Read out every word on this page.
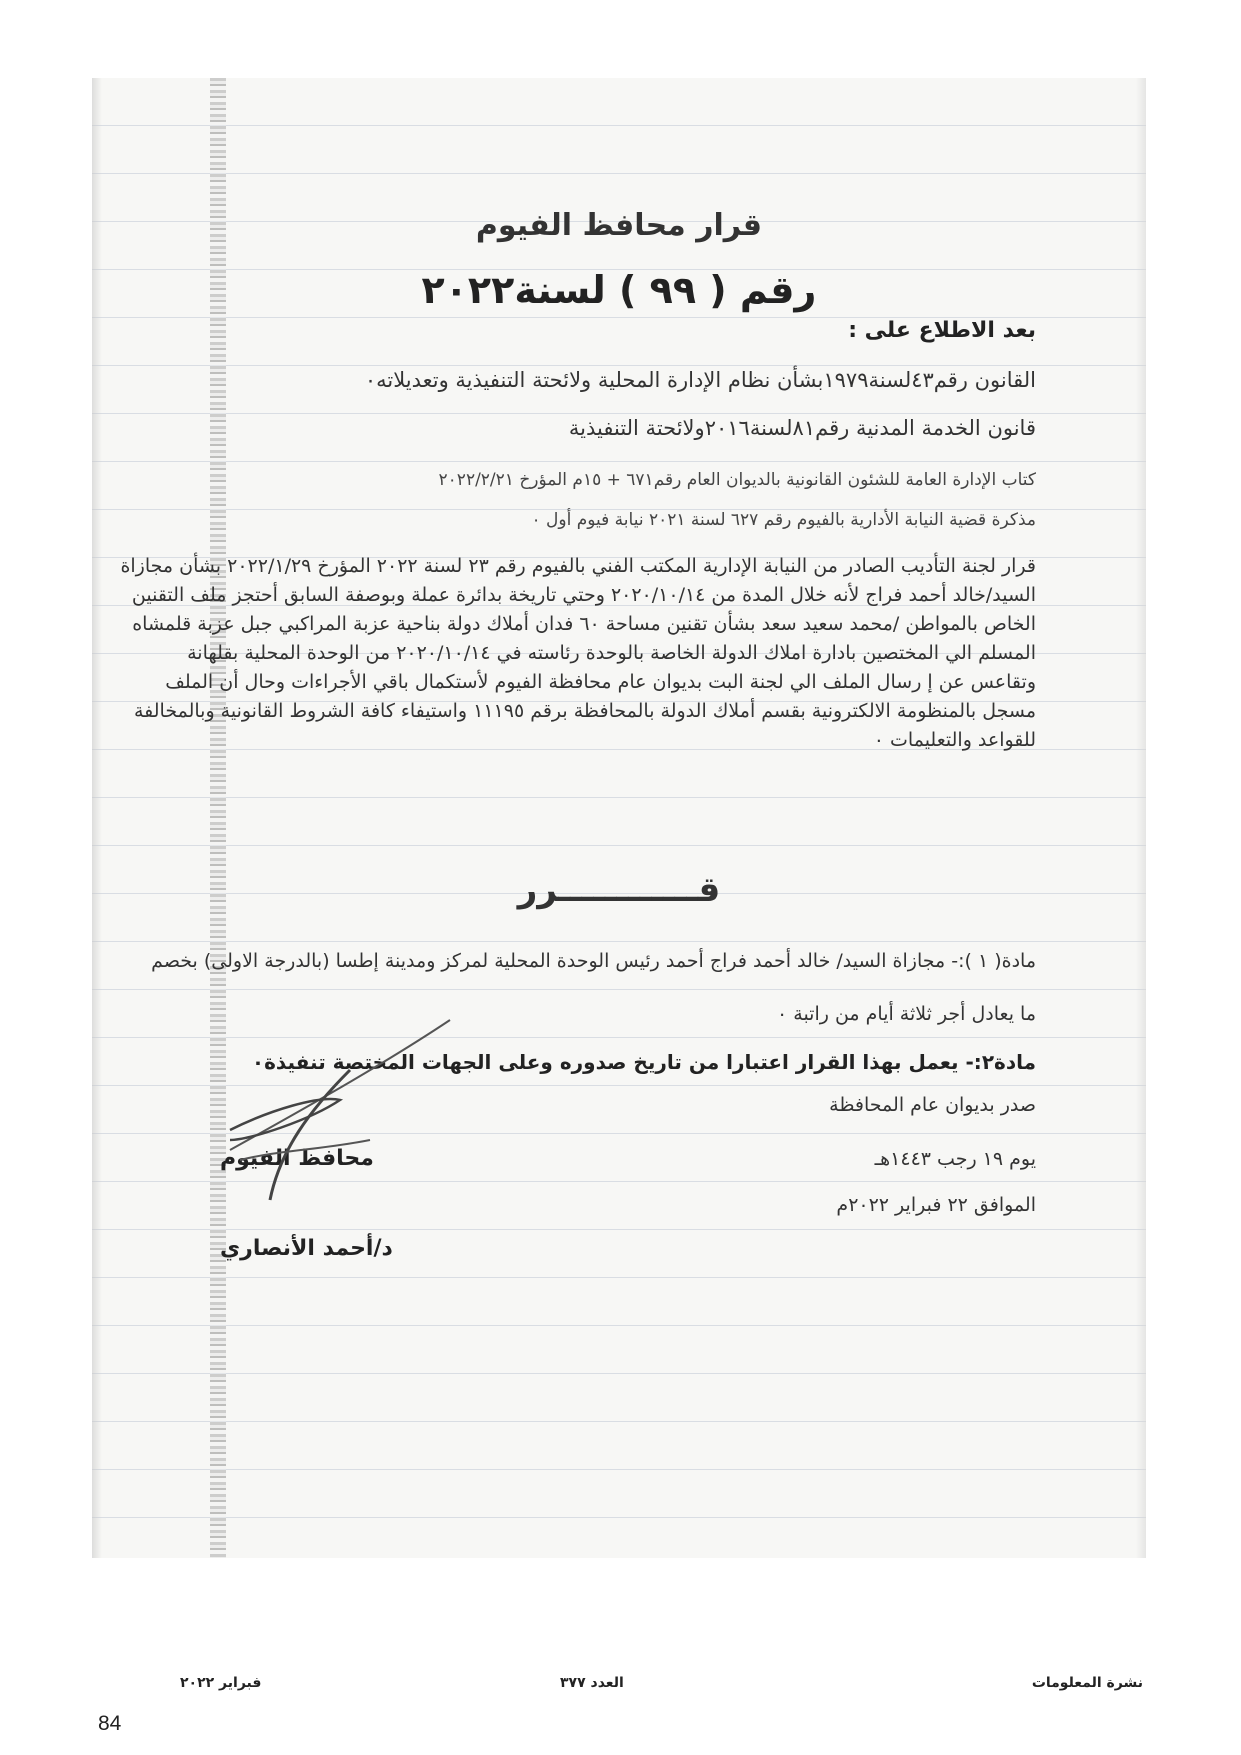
قرار محافظ الفيوم
رقم ( ٩٩ ) لسنة٢٠٢٢
بعد الاطلاع على :
القانون رقم٤٣لسنة١٩٧٩بشأن نظام الإدارة المحلية ولائحتة التنفيذية وتعديلاته٠
قانون الخدمة المدنية رقم٨١لسنة٢٠١٦ولائحتة التنفيذية
كتاب الإدارة العامة للشئون القانونية بالديوان العام رقم٦٧١ + ١٥م المؤرخ ٢٠٢٢/٢/٢١
مذكرة قضية النيابة الأدارية بالفيوم رقم ٦٢٧ لسنة ٢٠٢١ نيابة فيوم أول ٠
قرار لجنة التأديب الصادر من النيابة الإدارية المكتب الفني بالفيوم رقم ٢٣ لسنة ٢٠٢٢ المؤرخ ٢٠٢٢/١/٢٩ بشأن مجازاة السيد/خالد أحمد فراج لأنه خلال المدة من ٢٠٢٠/١٠/١٤ وحتي تاريخة بدائرة عملة وبوصفة السابق أحتجز ملف التقنين الخاص بالمواطن /محمد سعيد سعد بشأن تقنين مساحة ٦٠ فدان أملاك دولة بناحية عزبة المراكبي جبل عزبة قلمشاه المسلم الي المختصين بادارة املاك الدولة الخاصة بالوحدة رئاسته في ٢٠٢٠/١٠/١٤ من الوحدة المحلية بقلهانة وتقاعس عن إ رسال الملف الي لجنة البت بديوان عام محافظة الفيوم لأستكمال باقي الأجراءات وحال أن الملف مسجل بالمنظومة الالكترونية بقسم أملاك الدولة بالمحافظة برقم ١١١٩٥ واستيفاء كافة الشروط القانونية وبالمخالفة للقواعد والتعليمات ٠
قــــــــــــرر
مادة( ١ ):- مجازاة السيد/ خالد أحمد فراج أحمد رئيس الوحدة المحلية لمركز ومدينة إطسا (بالدرجة الاولى) بخصم
ما يعادل أجر ثلاثة أيام من راتبة ٠
مادة٢:- يعمل بهذا القرار اعتبارا من تاريخ صدوره وعلى الجهات المختصة تنفيذة٠
صدر بديوان عام المحافظة
يوم ١٩ رجب ١٤٤٣هـ
الموافق ٢٢ فبراير ٢٠٢٢م
محافظ الفيوم
د/أحمد الأنصاري
نشرة المعلومات
العدد ٣٧٧
فبراير ٢٠٢٢
84
